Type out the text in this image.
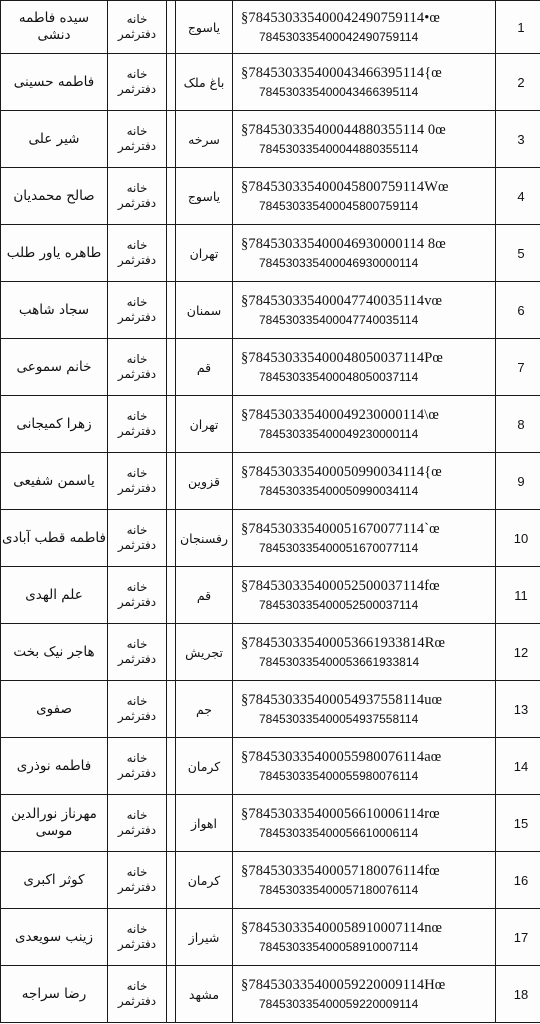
سیده فاطمه دنشی	خانه دفترثمر		یاسوج	§784530335400042490759114•œ
784530335400042490759114	1
فاطمه حسینی	خانه دفترثمر		باغ ملک	§784530335400043466395114{œ
784530335400043466395114	2
شیر علی	خانه دفترثمر		سرخه	§784530335400044880355114 0œ
784530335400044880355114	3
صالح محمدیان	خانه دفترثمر		یاسوج	§784530335400045800759114Wœ
784530335400045800759114	4
طاهره یاور طلب	خانه دفترثمر		تهران	§784530335400046930000114 8œ
784530335400046930000114	5
سجاد شاهب	خانه دفترثمر		سمنان	§784530335400047740035114vœ
784530335400047740035114	6
خانم سموعی	خانه دفترثمر		قم	§784530335400048050037114Pœ
784530335400048050037114	7
زهرا کمیجانی	خانه دفترثمر		تهران	§784530335400049230000114\œ
784530335400049230000114	8
یاسمن شفیعی	خانه دفترثمر		قزوین	§784530335400050990034114{œ
784530335400050990034114	9
فاطمه قطب آبادی	خانه دفترثمر		رفسنجان	§784530335400051670077114`œ
784530335400051670077114	10
علم الهدی	خانه دفترثمر		قم	§784530335400052500037114fœ
784530335400052500037114	11
هاجر نیک بخت	خانه دفترثمر		تجریش	§784530335400053661933814Rœ
784530335400053661933814	12
صفوی	خانه دفترثمر		جم	§784530335400054937558114uœ
784530335400054937558114	13
فاطمه نوذری	خانه دفترثمر		کرمان	§784530335400055980076114aœ
784530335400055980076114	14
مهرناز نورالدین موسی	خانه دفترثمر		اهواز	§784530335400056610006114rœ
784530335400056610006114	15
کوثر اکبری	خانه دفترثمر		کرمان	§784530335400057180076114fœ
784530335400057180076114	16
زینب سویعدی	خانه دفترثمر		شیراز	§784530335400058910007114nœ
784530335400058910007114	17
رضا سراجه	خانه دفترثمر		مشهد	§784530335400059220009114Hœ
784530335400059220009114	18
